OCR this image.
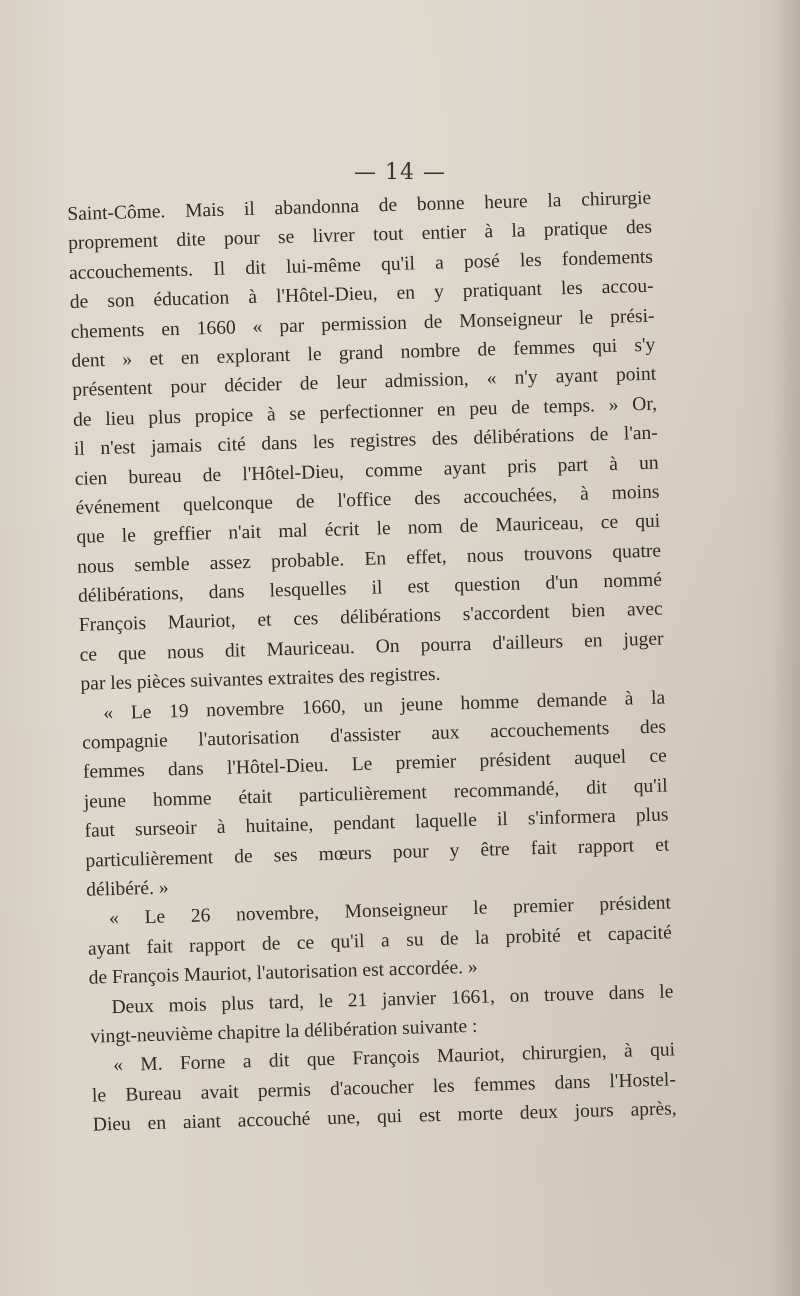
— 14 —
Saint-Côme. Mais il abandonna de bonne heure la chirurgie
proprement dite pour se livrer tout entier à la pratique des
accouchements. Il dit lui-même qu'il a posé les fondements
de son éducation à l'Hôtel-Dieu, en y pratiquant les accou-
chements en 1660 « par permission de Monseigneur le prési-
dent » et en explorant le grand nombre de femmes qui s'y
présentent pour décider de leur admission, « n'y ayant point
de lieu plus propice à se perfectionner en peu de temps. » Or,
il n'est jamais cité dans les registres des délibérations de l'an-
cien bureau de l'Hôtel-Dieu, comme ayant pris part à un
événement quelconque de l'office des accouchées, à moins
que le greffier n'ait mal écrit le nom de Mauriceau, ce qui
nous semble assez probable. En effet, nous trouvons quatre
délibérations, dans lesquelles il est question d'un nommé
François Mauriot, et ces délibérations s'accordent bien avec
ce que nous dit Mauriceau. On pourra d'ailleurs en juger
par les pièces suivantes extraites des registres.
« Le 19 novembre 1660, un jeune homme demande à la
compagnie l'autorisation d'assister aux accouchements des
femmes dans l'Hôtel-Dieu. Le premier président auquel ce
jeune homme était particulièrement recommandé, dit qu'il
faut surseoir à huitaine, pendant laquelle il s'informera plus
particulièrement de ses mœurs pour y être fait rapport et
délibéré. »
« Le 26 novembre, Monseigneur le premier président
ayant fait rapport de ce qu'il a su de la probité et capacité
de François Mauriot, l'autorisation est accordée. »
Deux mois plus tard, le 21 janvier 1661, on trouve dans le
vingt-neuvième chapitre la délibération suivante :
« M. Forne a dit que François Mauriot, chirurgien, à qui
le Bureau avait permis d'acoucher les femmes dans l'Hostel-
Dieu en aiant accouché une, qui est morte deux jours après,
